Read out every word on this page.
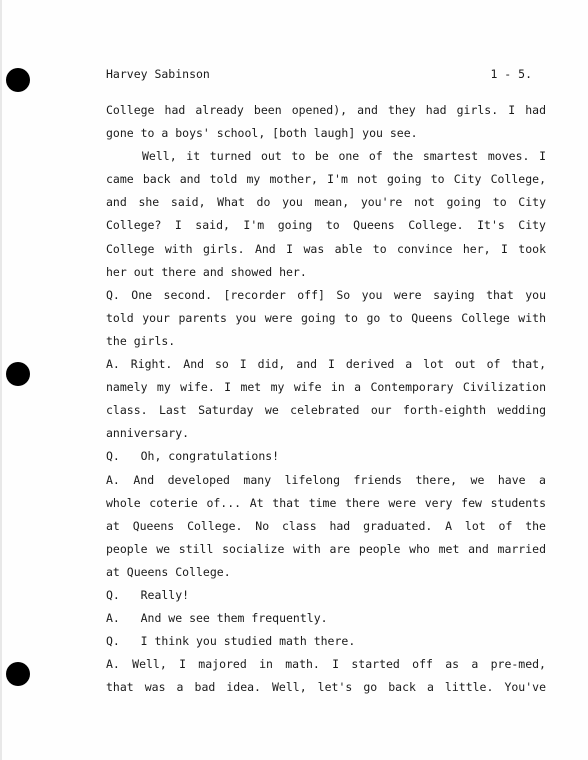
Harvey Sabinson	1 - 5.
College had already been opened), and they had girls. I had
gone to a boys' school, [both laugh] you see.
Well, it turned out to be one of the smartest moves. I
came back and told my mother, I'm not going to City College,
and she said, What do you mean, you're not going to City
College? I said, I'm going to Queens College. It's City
College with girls. And I was able to convince her, I took
her out there and showed her.
Q. One second. [recorder off] So you were saying that you
told your parents you were going to go to Queens College with
the girls.
A. Right. And so I did, and I derived a lot out of that,
namely my wife. I met my wife in a Contemporary Civilization
class. Last Saturday we celebrated our forth-eighth wedding
anniversary.
Q.   Oh, congratulations!
A. And developed many lifelong friends there, we have a
whole coterie of... At that time there were very few students
at Queens College. No class had graduated. A lot of the
people we still socialize with are people who met and married
at Queens College.
Q.   Really!
A.   And we see them frequently.
Q.   I think you studied math there.
A. Well, I majored in math. I started off as a pre-med,
that was a bad idea. Well, let's go back a little. You've
